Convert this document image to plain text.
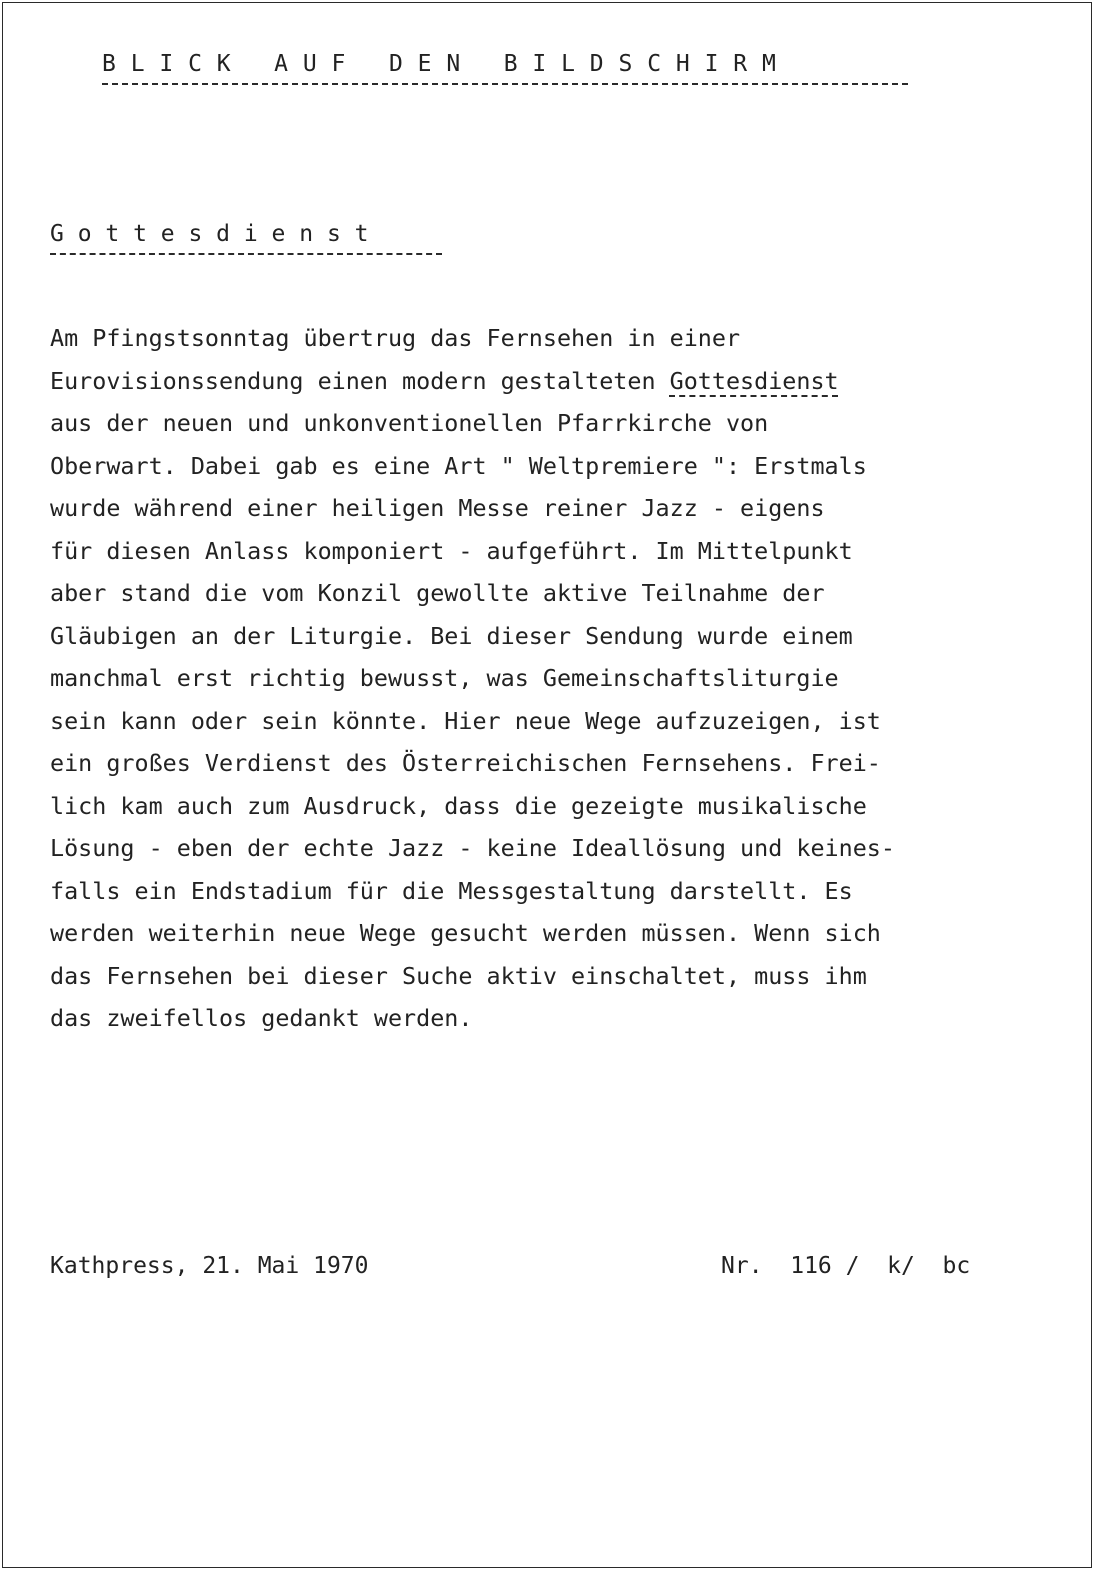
B L I C K   A U F   D E N   B I L D S C H I R M
G o t t e s d i e n s t
Am Pfingstsonntag übertrug das Fernsehen in einer
Eurovisionssendung einen modern gestalteten Gottesdienst
aus der neuen und unkonventionellen Pfarrkirche von
Oberwart. Dabei gab es eine Art " Weltpremiere ": Erstmals
wurde während einer heiligen Messe reiner Jazz - eigens
für diesen Anlass komponiert - aufgeführt. Im Mittelpunkt
aber stand die vom Konzil gewollte aktive Teilnahme der
Gläubigen an der Liturgie. Bei dieser Sendung wurde einem
manchmal erst richtig bewusst, was Gemeinschaftsliturgie
sein kann oder sein könnte. Hier neue Wege aufzuzeigen, ist
ein großes Verdienst des Österreichischen Fernsehens. Frei-
lich kam auch zum Ausdruck, dass die gezeigte musikalische
Lösung - eben der echte Jazz - keine Ideallösung und keines-
falls ein Endstadium für die Messgestaltung darstellt. Es
werden weiterhin neue Wege gesucht werden müssen. Wenn sich
das Fernsehen bei dieser Suche aktiv einschaltet, muss ihm
das zweifellos gedankt werden.

Kathpress, 21. Mai 1970	Nr.  116 /  k/  bc
